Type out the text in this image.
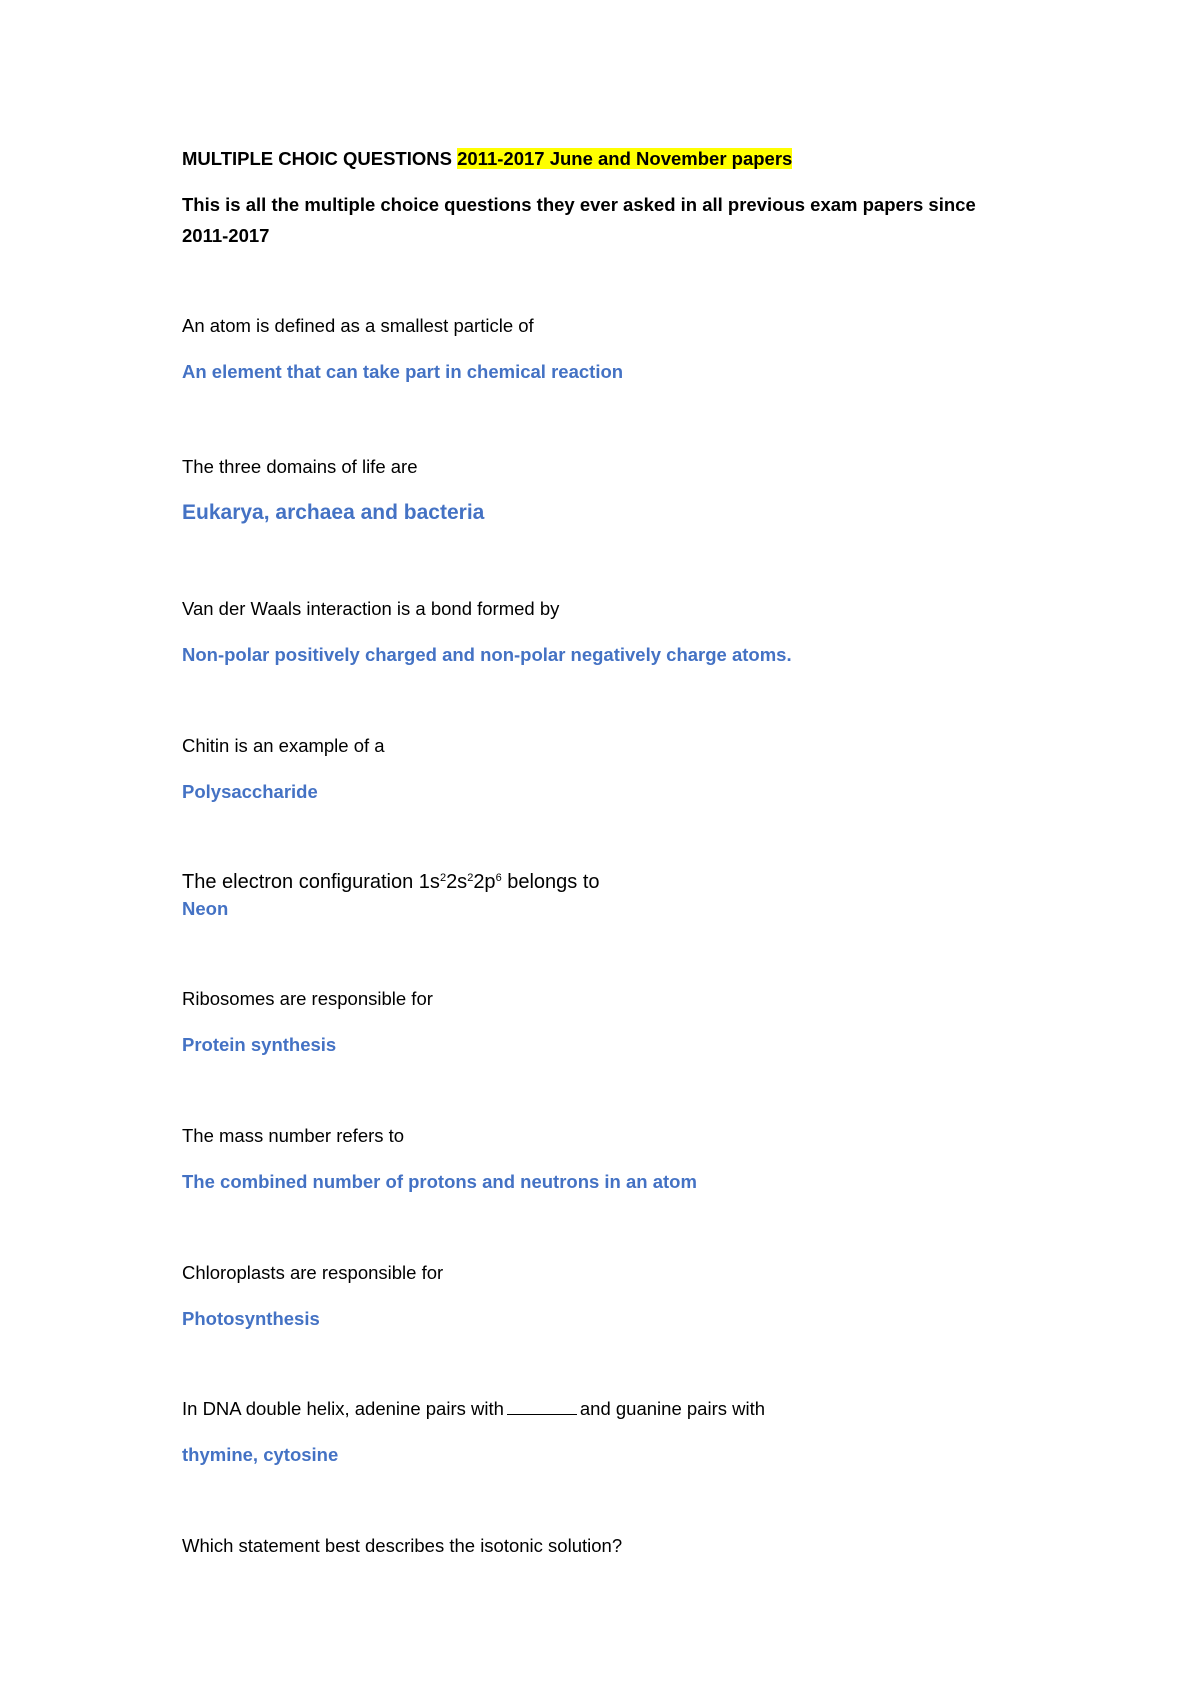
MULTIPLE CHOIC QUESTIONS 2011-2017 June and November papers
This is all the multiple choice questions they ever asked in all previous exam papers since
2011-2017
An atom is defined as a smallest particle of
An element that can take part in chemical reaction
The three domains of life are
Eukarya, archaea and bacteria
Van der Waals interaction is a bond formed by
Non-polar positively charged and non-polar negatively charge atoms.
Chitin is an example of a
Polysaccharide
The electron configuration $1s^22s^22p^6$ belongs to
Neon
Ribosomes are responsible for
Protein synthesis
The mass number refers to
The combined number of protons and neutrons in an atom
Chloroplasts are responsible for
Photosynthesis
In DNA double helix, adenine pairs with	and guanine pairs with
thymine, cytosine
Which statement best describes the isotonic solution?
